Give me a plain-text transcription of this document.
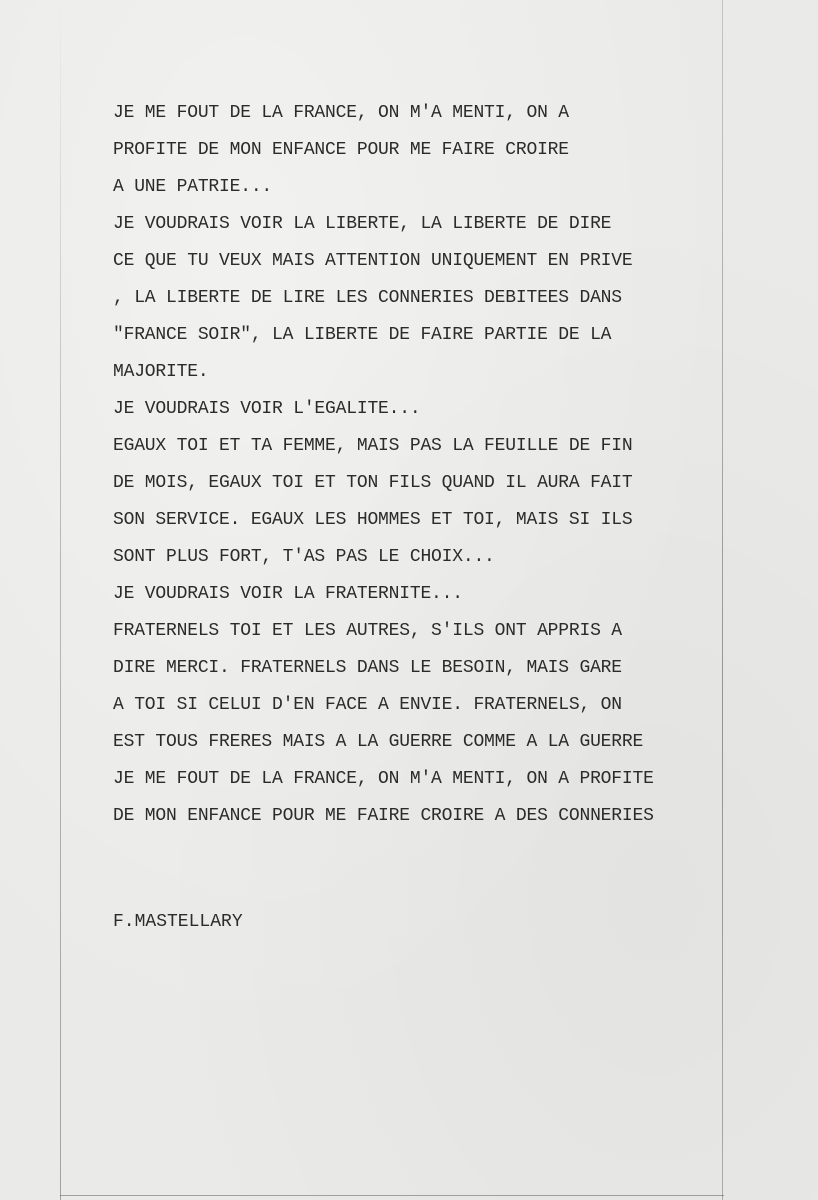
JE ME FOUT DE LA FRANCE, ON M'A MENTI, ON A
PROFITE DE MON ENFANCE POUR ME FAIRE CROIRE
A UNE PATRIE...
JE VOUDRAIS VOIR LA LIBERTE, LA LIBERTE DE DIRE
CE QUE TU VEUX MAIS ATTENTION UNIQUEMENT EN PRIVE
, LA LIBERTE DE LIRE LES CONNERIES DEBITEES DANS
"FRANCE SOIR", LA LIBERTE DE FAIRE PARTIE DE LA
MAJORITE.
JE VOUDRAIS VOIR L'EGALITE...
EGAUX TOI ET TA FEMME, MAIS PAS LA FEUILLE DE FIN
DE MOIS, EGAUX TOI ET TON FILS QUAND IL AURA FAIT
SON SERVICE. EGAUX LES HOMMES ET TOI, MAIS SI ILS
SONT PLUS FORT, T'AS PAS LE CHOIX...
JE VOUDRAIS VOIR LA FRATERNITE...
FRATERNELS TOI ET LES AUTRES, S'ILS ONT APPRIS A
DIRE MERCI. FRATERNELS DANS LE BESOIN, MAIS GARE
A TOI SI CELUI D'EN FACE A ENVIE. FRATERNELS, ON
EST TOUS FRERES MAIS A LA GUERRE COMME A LA GUERRE
JE ME FOUT DE LA FRANCE, ON M'A MENTI, ON A PROFITE
DE MON ENFANCE POUR ME FAIRE CROIRE A DES CONNERIES
F.MASTELLARY
